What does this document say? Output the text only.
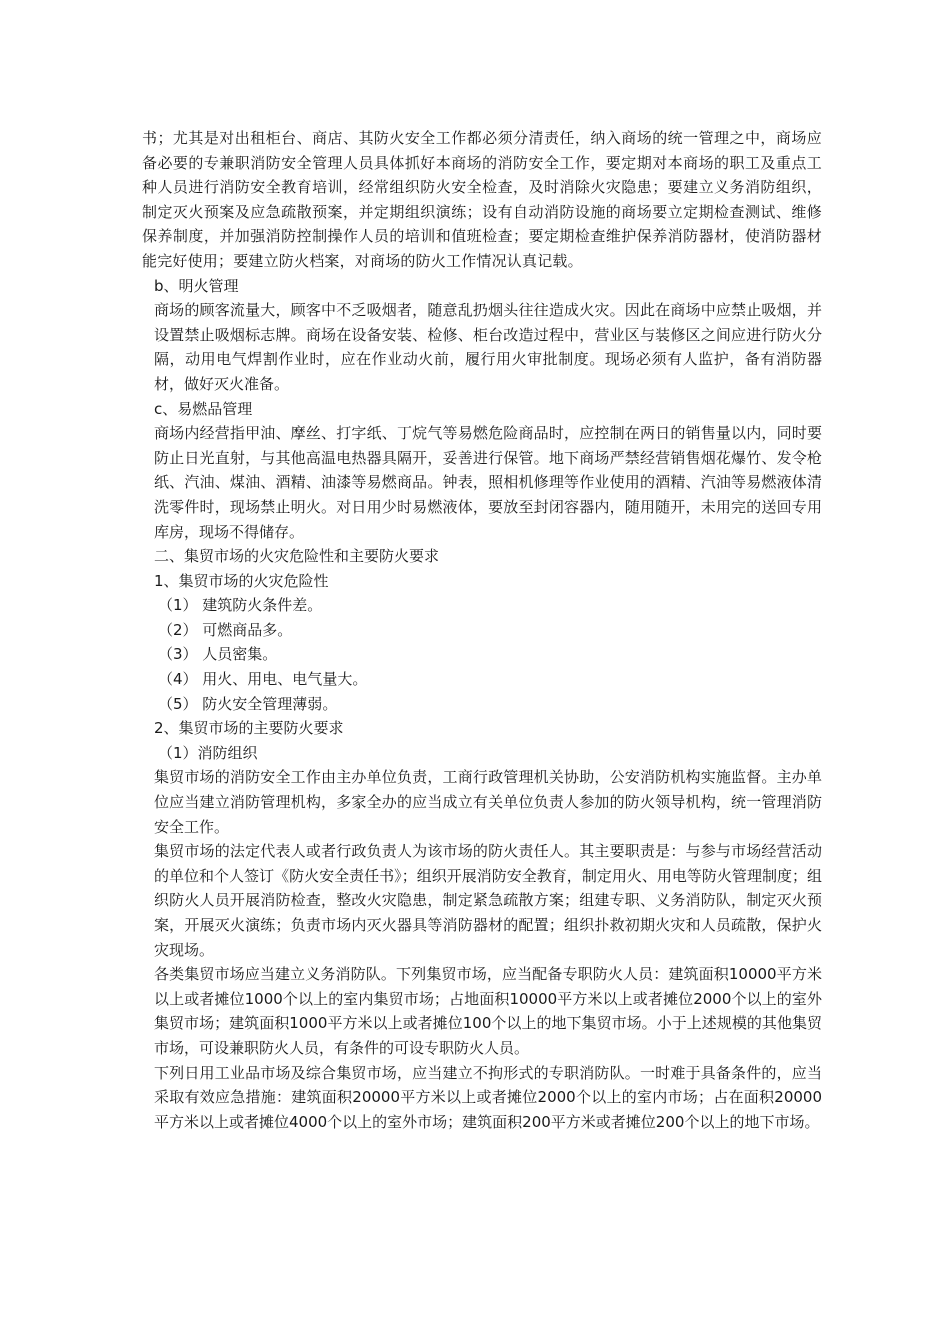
书；尤其是对出租柜台、商店、其防火安全工作都必须分清责任，纳入商场的统一管理之中，商场应备必要的专兼职消防安全管理人员具体抓好本商场的消防安全工作，要定期对本商场的职工及重点工种人员进行消防安全教育培训，经常组织防火安全检查，及时消除火灾隐患；要建立义务消防组织，制定灭火预案及应急疏散预案，并定期组织演练；设有自动消防设施的商场要立定期检查测试、维修保养制度，并加强消防控制操作人员的培训和值班检查；要定期检查维护保养消防器材，使消防器材能完好使用；要建立防火档案，对商场的防火工作情况认真记载。

b、明火管理

商场的顾客流量大，顾客中不乏吸烟者，随意乱扔烟头往往造成火灾。因此在商场中应禁止吸烟，并设置禁止吸烟标志牌。商场在设备安装、检修、柜台改造过程中，营业区与装修区之间应进行防火分隔，动用电气焊割作业时，应在作业动火前，履行用火审批制度。现场必须有人监护，备有消防器材，做好灭火准备。

c、易燃品管理

商场内经营指甲油、摩丝、打字纸、丁烷气等易燃危险商品时，应控制在两日的销售量以内，同时要防止日光直射，与其他高温电热器具隔开，妥善进行保管。地下商场严禁经营销售烟花爆竹、发令枪纸、汽油、煤油、酒精、油漆等易燃商品。钟表，照相机修理等作业使用的酒精、汽油等易燃液体清洗零件时，现场禁止明火。对日用少时易燃液体，要放至封闭容器内，随用随开，未用完的送回专用库房，现场不得储存。

二、集贸市场的火灾危险性和主要防火要求

1、集贸市场的火灾危险性

（1） 建筑防火条件差。

（2） 可燃商品多。

（3） 人员密集。

（4） 用火、用电、电气量大。

（5） 防火安全管理薄弱。

2、集贸市场的主要防火要求

（1）消防组织

集贸市场的消防安全工作由主办单位负责，工商行政管理机关协助，公安消防机构实施监督。主办单位应当建立消防管理机构，多家全办的应当成立有关单位负责人参加的防火领导机构，统一管理消防安全工作。

集贸市场的法定代表人或者行政负责人为该市场的防火责任人。其主要职责是：与参与市场经营活动的单位和个人签订《防火安全责任书》；组织开展消防安全教育，制定用火、用电等防火管理制度；组织防火人员开展消防检查，整改火灾隐患，制定紧急疏散方案；组建专职、义务消防队，制定灭火预案，开展灭火演练；负责市场内灭火器具等消防器材的配置；组织扑救初期火灾和人员疏散，保护火灾现场。

各类集贸市场应当建立义务消防队。下列集贸市场，应当配备专职防火人员：建筑面积10000平方米以上或者摊位1000个以上的室内集贸市场；占地面积10000平方米以上或者摊位2000个以上的室外集贸市场；建筑面积1000平方米以上或者摊位100个以上的地下集贸市场。小于上述规模的其他集贸市场，可设兼职防火人员，有条件的可设专职防火人员。

下列日用工业品市场及综合集贸市场，应当建立不拘形式的专职消防队。一时难于具备条件的，应当采取有效应急措施：建筑面积20000平方米以上或者摊位2000个以上的室内市场；占在面积20000平方米以上或者摊位4000个以上的室外市场；建筑面积200平方米或者摊位200个以上的地下市场。
